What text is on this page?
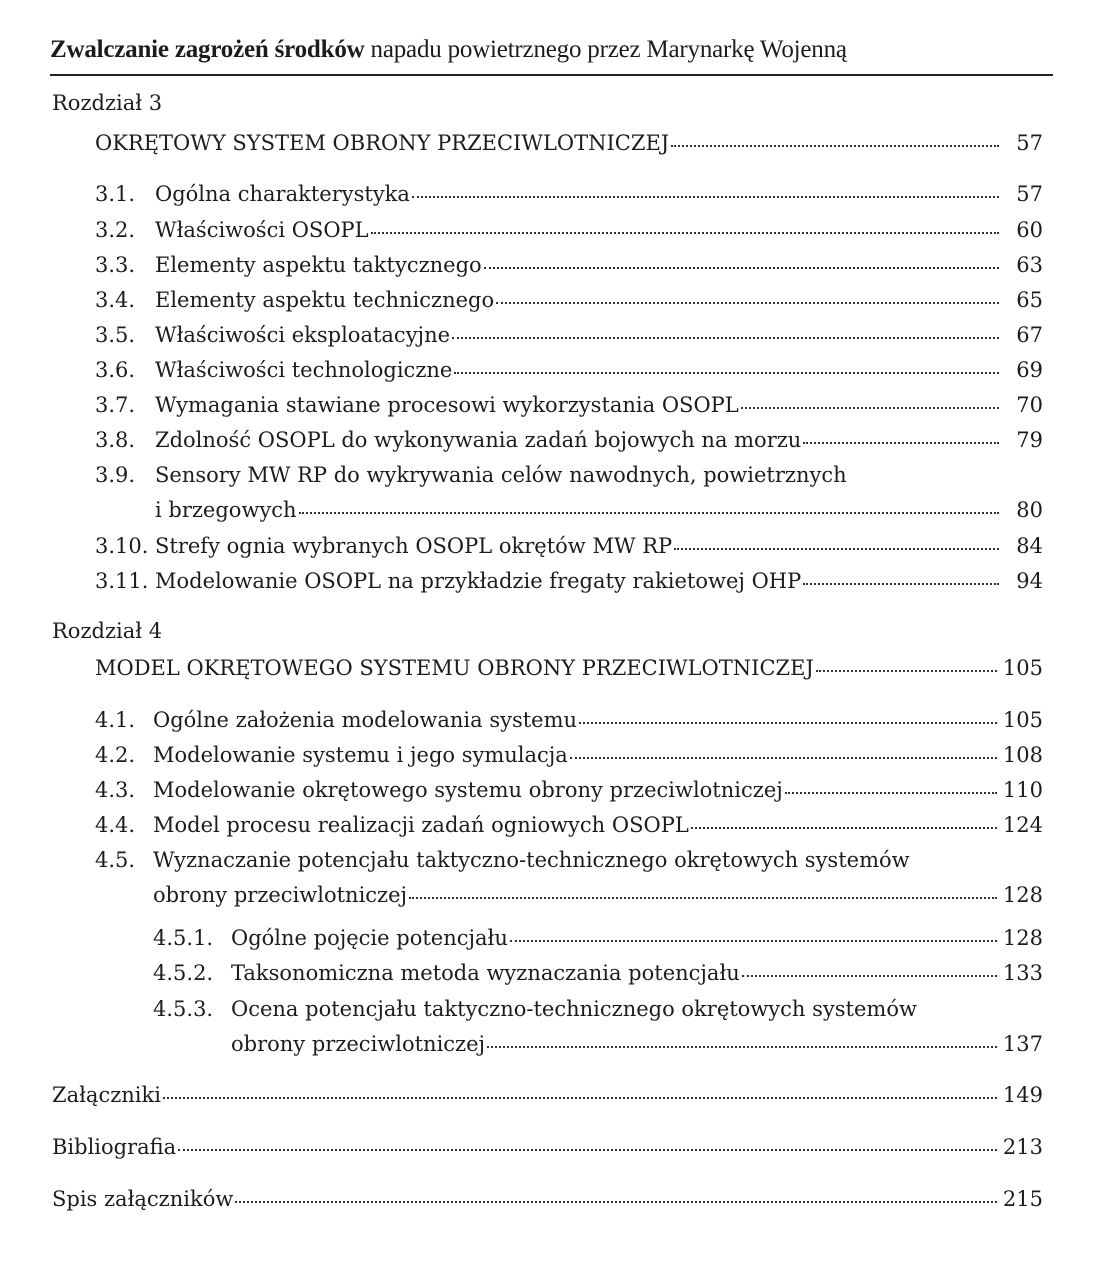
Zwalczanie zagrożeń środków napadu powietrznego przez Marynarkę Wojenną
Rozdział 3
OKRĘTOWY SYSTEM OBRONY PRZECIWLOTNICZEJ	57
3.1. Ogólna charakterystyka	57
3.2. Właściwości OSOPL	60
3.3. Elementy aspektu taktycznego	63
3.4. Elementy aspektu technicznego	65
3.5. Właściwości eksploatacyjne	67
3.6. Właściwości technologiczne	69
3.7. Wymagania stawiane procesowi wykorzystania OSOPL	70
3.8. Zdolność OSOPL do wykonywania zadań bojowych na morzu	79
3.9. Sensory MW RP do wykrywania celów nawodnych, powietrznych
i brzegowych	80
3.10. Strefy ognia wybranych OSOPL okrętów MW RP	84
3.11. Modelowanie OSOPL na przykładzie fregaty rakietowej OHP	94
Rozdział 4
MODEL OKRĘTOWEGO SYSTEMU OBRONY PRZECIWLOTNICZEJ	105
4.1. Ogólne założenia modelowania systemu	105
4.2. Modelowanie systemu i jego symulacja	108
4.3. Modelowanie okrętowego systemu obrony przeciwlotniczej	110
4.4. Model procesu realizacji zadań ogniowych OSOPL	124
4.5. Wyznaczanie potencjału taktyczno-technicznego okrętowych systemów
obrony przeciwlotniczej	128
4.5.1. Ogólne pojęcie potencjału	128
4.5.2. Taksonomiczna metoda wyznaczania potencjału	133
4.5.3. Ocena potencjału taktyczno-technicznego okrętowych systemów
obrony przeciwlotniczej	137
Załączniki	149
Bibliografia	213
Spis załączników	215
